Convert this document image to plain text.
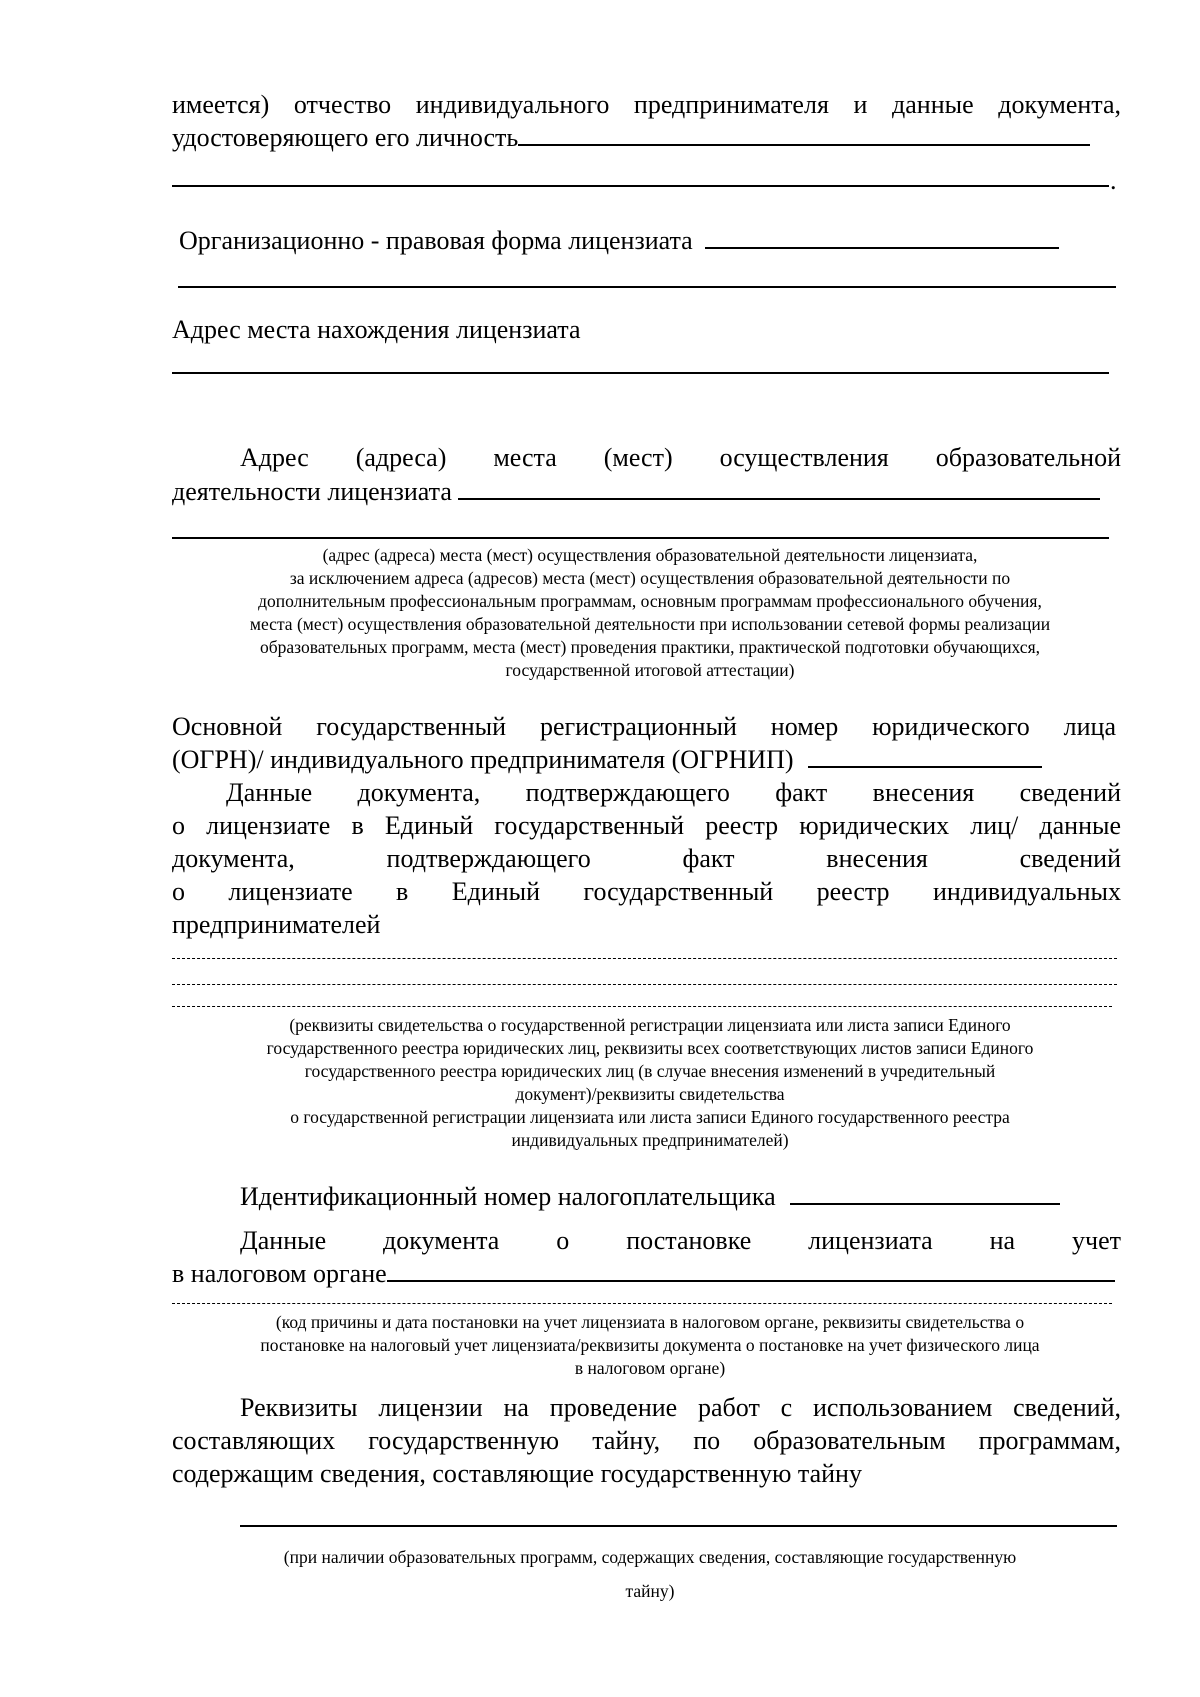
имеется) отчество индивидуального предпринимателя и данные документа,
удостоверяющего его личность
.
Организационно - правовая форма лицензиата
Адрес места нахождения лицензиата
Адрес (адреса) места (мест) осуществления образовательной
деятельности лицензиата
(адрес (адреса) места (мест) осуществления образовательной деятельности лицензиата,
за исключением адреса (адресов) места (мест) осуществления образовательной деятельности по
дополнительным профессиональным программам, основным программам профессионального обучения,
места (мест) осуществления образовательной деятельности при использовании сетевой формы реализации
образовательных программ, места (мест) проведения практики, практической подготовки обучающихся,
государственной итоговой аттестации)
Основной государственный регистрационный номер юридического лица
(ОГРН)/ индивидуального предпринимателя (ОГРНИП)
Данные документа, подтверждающего факт внесения сведений
о лицензиате в Единый государственный реестр юридических лиц/ данные
документа, подтверждающего факт внесения сведений
о лицензиате в Единый государственный реестр индивидуальных
предпринимателей
(реквизиты свидетельства о государственной регистрации лицензиата или листа записи Единого
государственного реестра юридических лиц, реквизиты всех соответствующих листов записи Единого
государственного реестра юридических лиц (в случае внесения изменений в учредительный
документ)/реквизиты свидетельства
о государственной регистрации лицензиата или листа записи Единого государственного реестра
индивидуальных предпринимателей)
Идентификационный номер налогоплательщика
Данные документа о постановке лицензиата на учет
в налоговом органе
(код причины и дата постановки на учет лицензиата в налоговом органе, реквизиты свидетельства о
постановке на налоговый учет лицензиата/реквизиты документа о постановке на учет физического лица
в налоговом органе)
Реквизиты лицензии на проведение работ с использованием сведений,
составляющих государственную тайну, по образовательным программам,
содержащим сведения, составляющие государственную тайну
(при наличии образовательных программ, содержащих сведения, составляющие государственную
тайну)
